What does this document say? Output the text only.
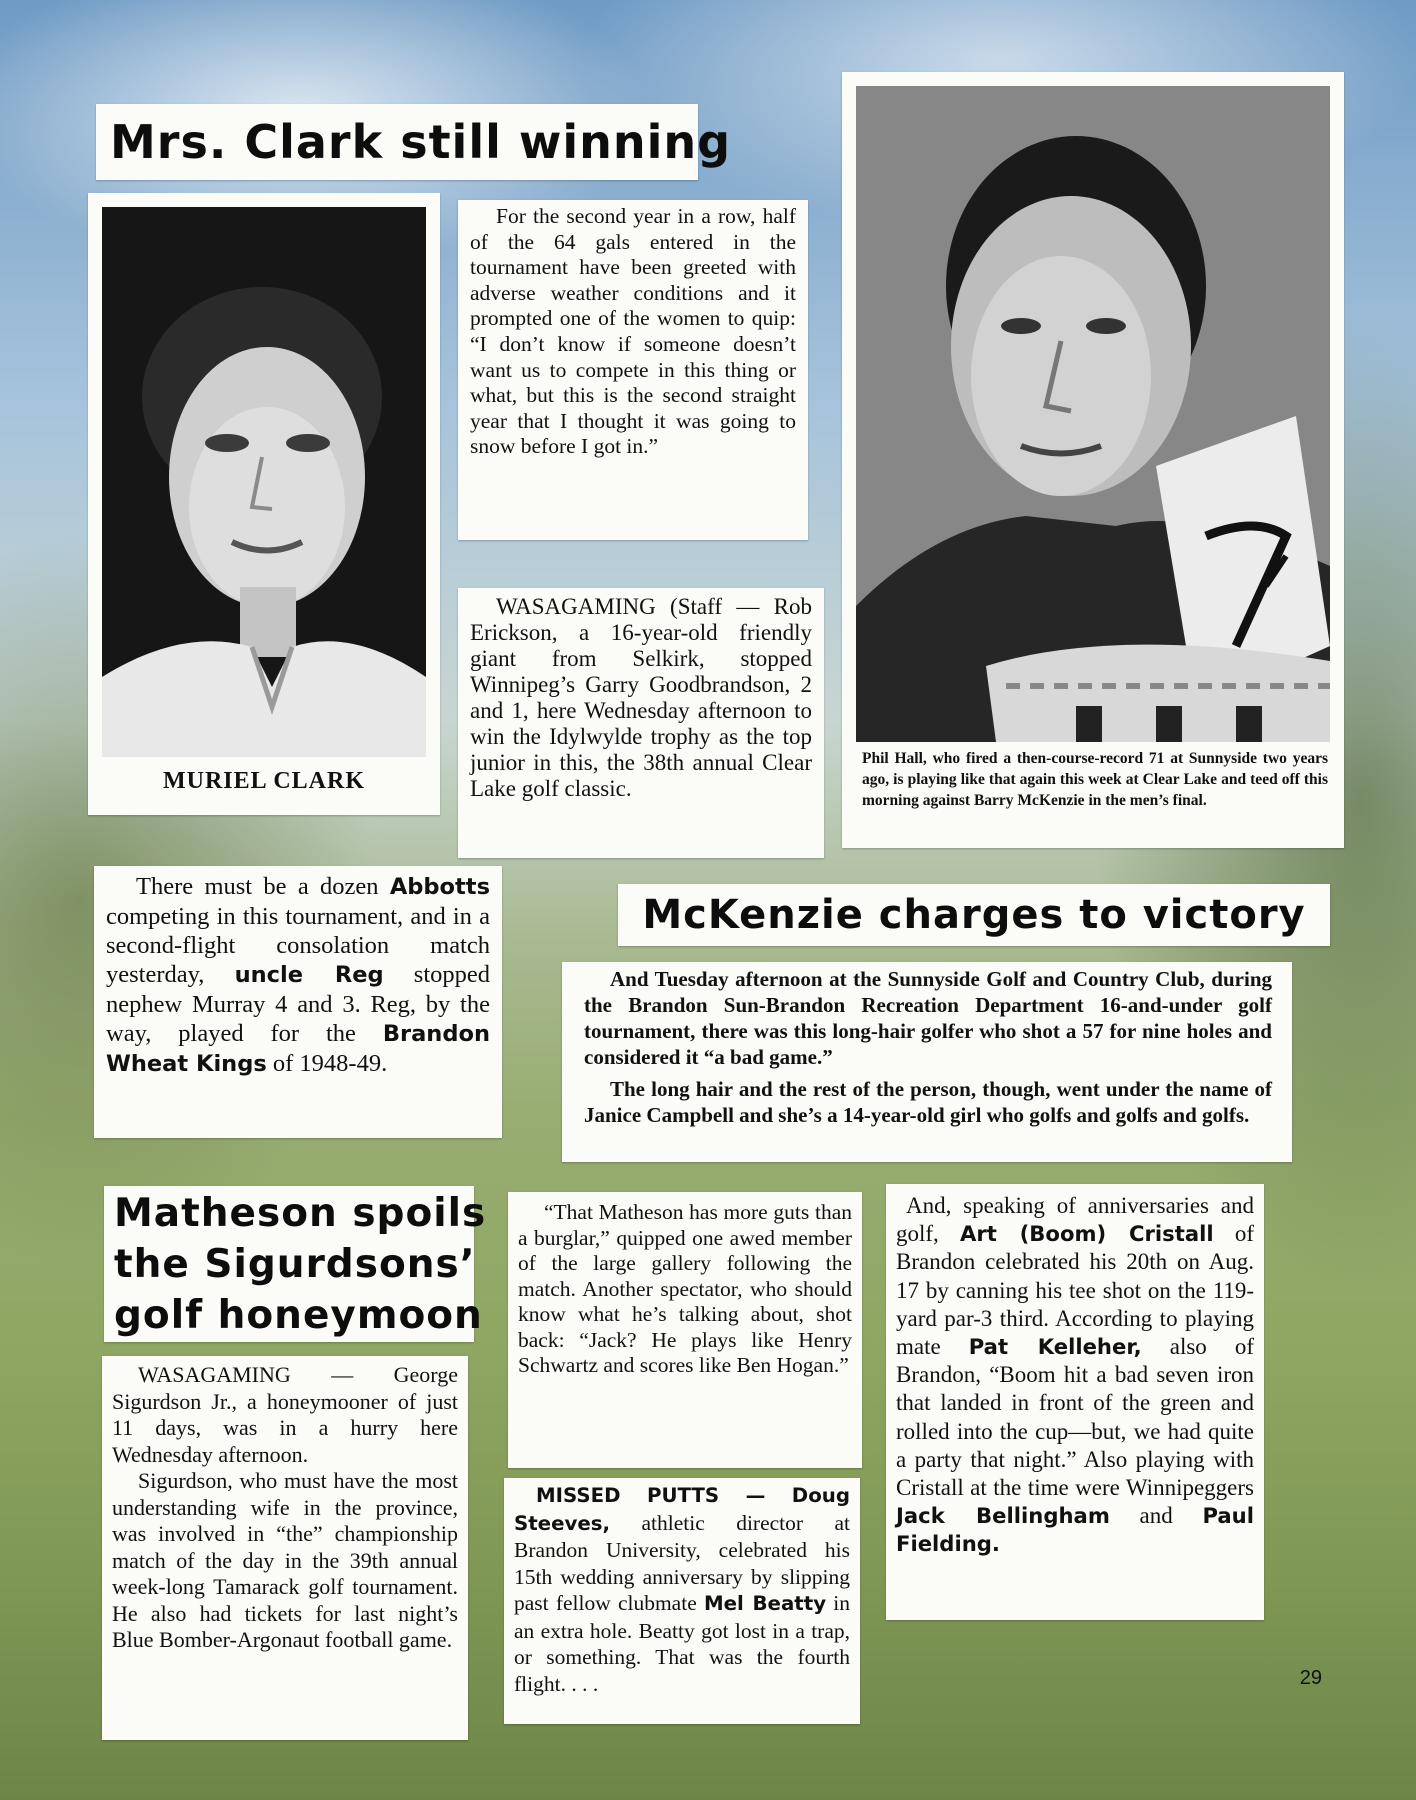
Mrs. Clark still winning
MURIEL CLARK

For the second year in a row, half of the 64 gals entered in the tournament have been greeted with adverse weather conditions and it prompted one of the women to quip: “I don’t know if someone doesn’t want us to compete in this thing or what, but this is the second straight year that I thought it was going to snow before I got in.”

WASAGAMING (Staff — Rob Erickson, a 16-year-old friendly giant from Selkirk, stopped Winnipeg’s Garry Goodbrandson, 2 and 1, here Wednesday afternoon to win the Idylwylde trophy as the top junior in this, the 38th annual Clear Lake golf classic.

Phil Hall, who fired a then-course-record 71 at Sunnyside two years ago, is playing like that again this week at Clear Lake and teed off this morning against Barry McKenzie in the men’s final.

There must be a dozen Abbotts competing in this tournament, and in a second-flight consolation match yesterday, uncle Reg stopped nephew Murray 4 and 3. Reg, by the way, played for the Brandon Wheat Kings of 1948-49.

McKenzie charges to victory

And Tuesday afternoon at the Sunnyside Golf and Country Club, during the Brandon Sun-Brandon Recreation Department 16-and-under golf tournament, there was this long-hair golfer who shot a 57 for nine holes and considered it “a bad game.”

The long hair and the rest of the person, though, went under the name of Janice Campbell and she’s a 14-year-old girl who golfs and golfs and golfs.

Matheson spoils
the Sigurdsons’
golf honeymoon

WASAGAMING — George Sigurdson Jr., a honeymooner of just 11 days, was in a hurry here Wednesday afternoon.

Sigurdson, who must have the most understanding wife in the province, was involved in “the” championship match of the day in the 39th annual week-long Tamarack golf tournament. He also had tickets for last night’s Blue Bomber-Argonaut football game.

“That Matheson has more guts than a burglar,” quipped one awed member of the large gallery following the match. Another spectator, who should know what he’s talking about, shot back: “Jack? He plays like Henry Schwartz and scores like Ben Hogan.”

MISSED PUTTS — Doug Steeves, athletic director at Brandon University, celebrated his 15th wedding anniversary by slipping past fellow clubmate Mel Beatty in an extra hole. Beatty got lost in a trap, or something. That was the fourth flight. . . .

And, speaking of anniversaries and golf, Art (Boom) Cristall of Brandon celebrated his 20th on Aug. 17 by canning his tee shot on the 119-yard par-3 third. According to playing mate Pat Kelleher, also of Brandon, “Boom hit a bad seven iron that landed in front of the green and rolled into the cup—but, we had quite a party that night.” Also playing with Cristall at the time were Winnipeggers Jack Bellingham and Paul Fielding.

29
